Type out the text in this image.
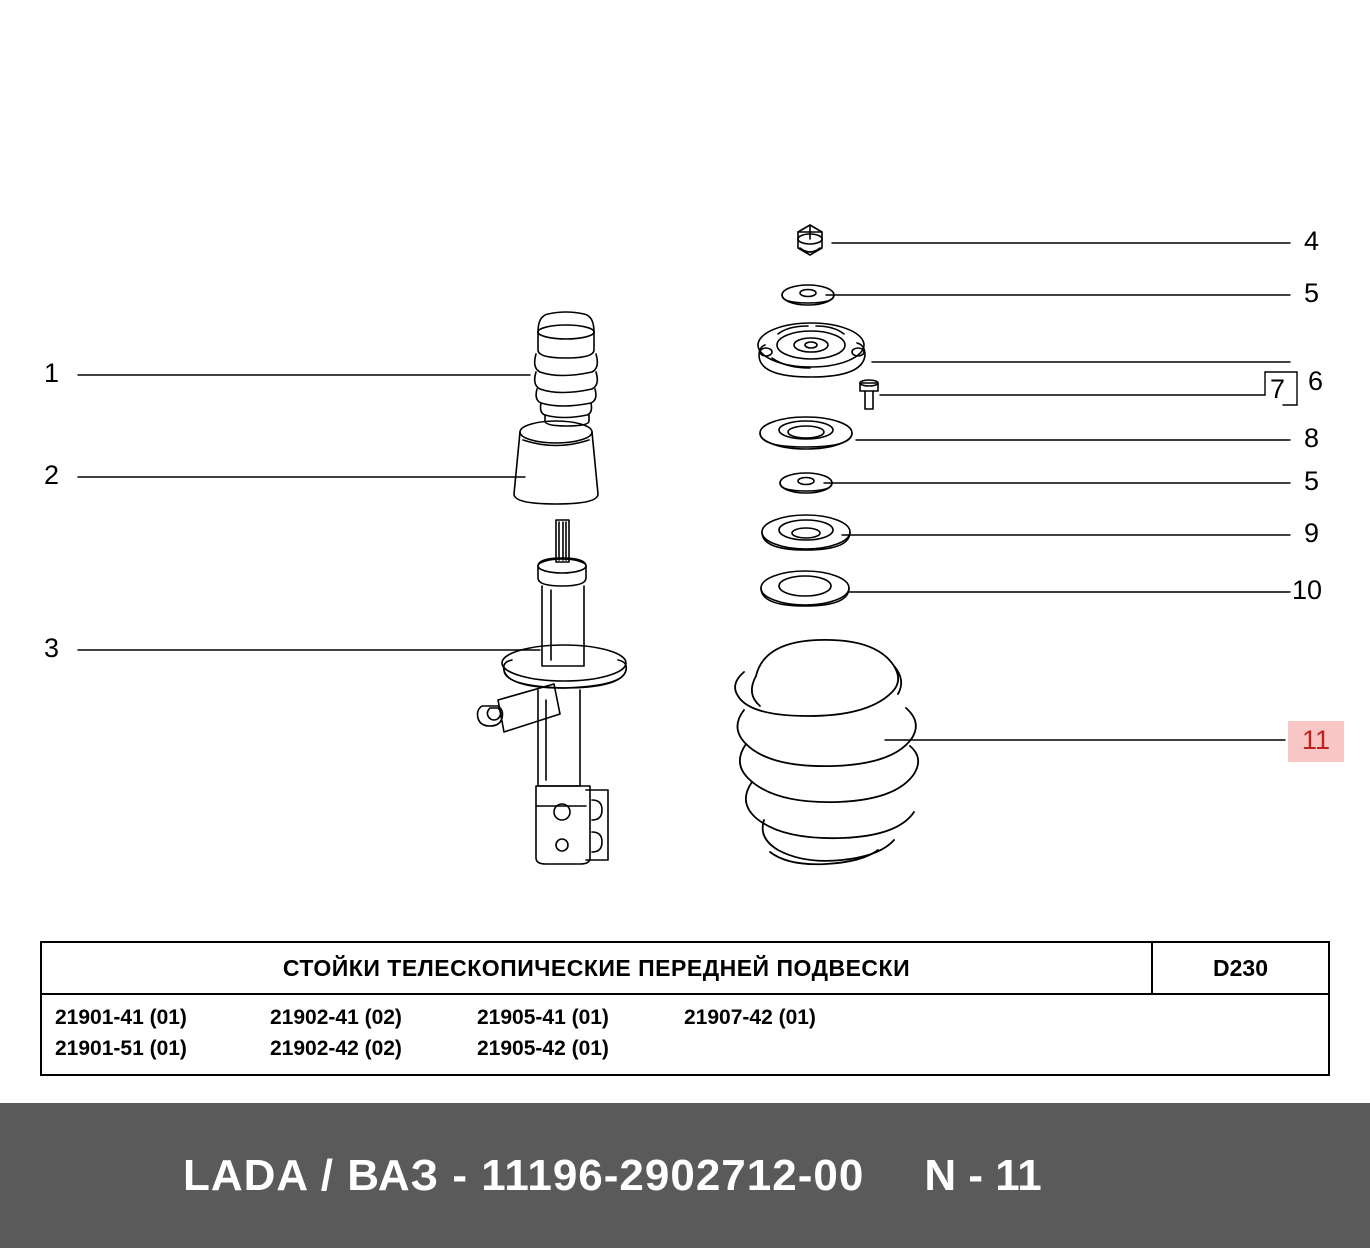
1
2
3
4
5
6
7
8
5
9
10
11
СТОЙКИ ТЕЛЕСКОПИЧЕСКИЕ ПЕРЕДНЕЙ ПОДВЕСКИ	D230
21901-41 (01)	21902-41 (02)	21905-41 (01)	21907-42 (01)
21901-51 (01)	21902-42 (02)	21905-42 (01)
LADA / ВАЗ - 11196-2902712-00 N - 11
